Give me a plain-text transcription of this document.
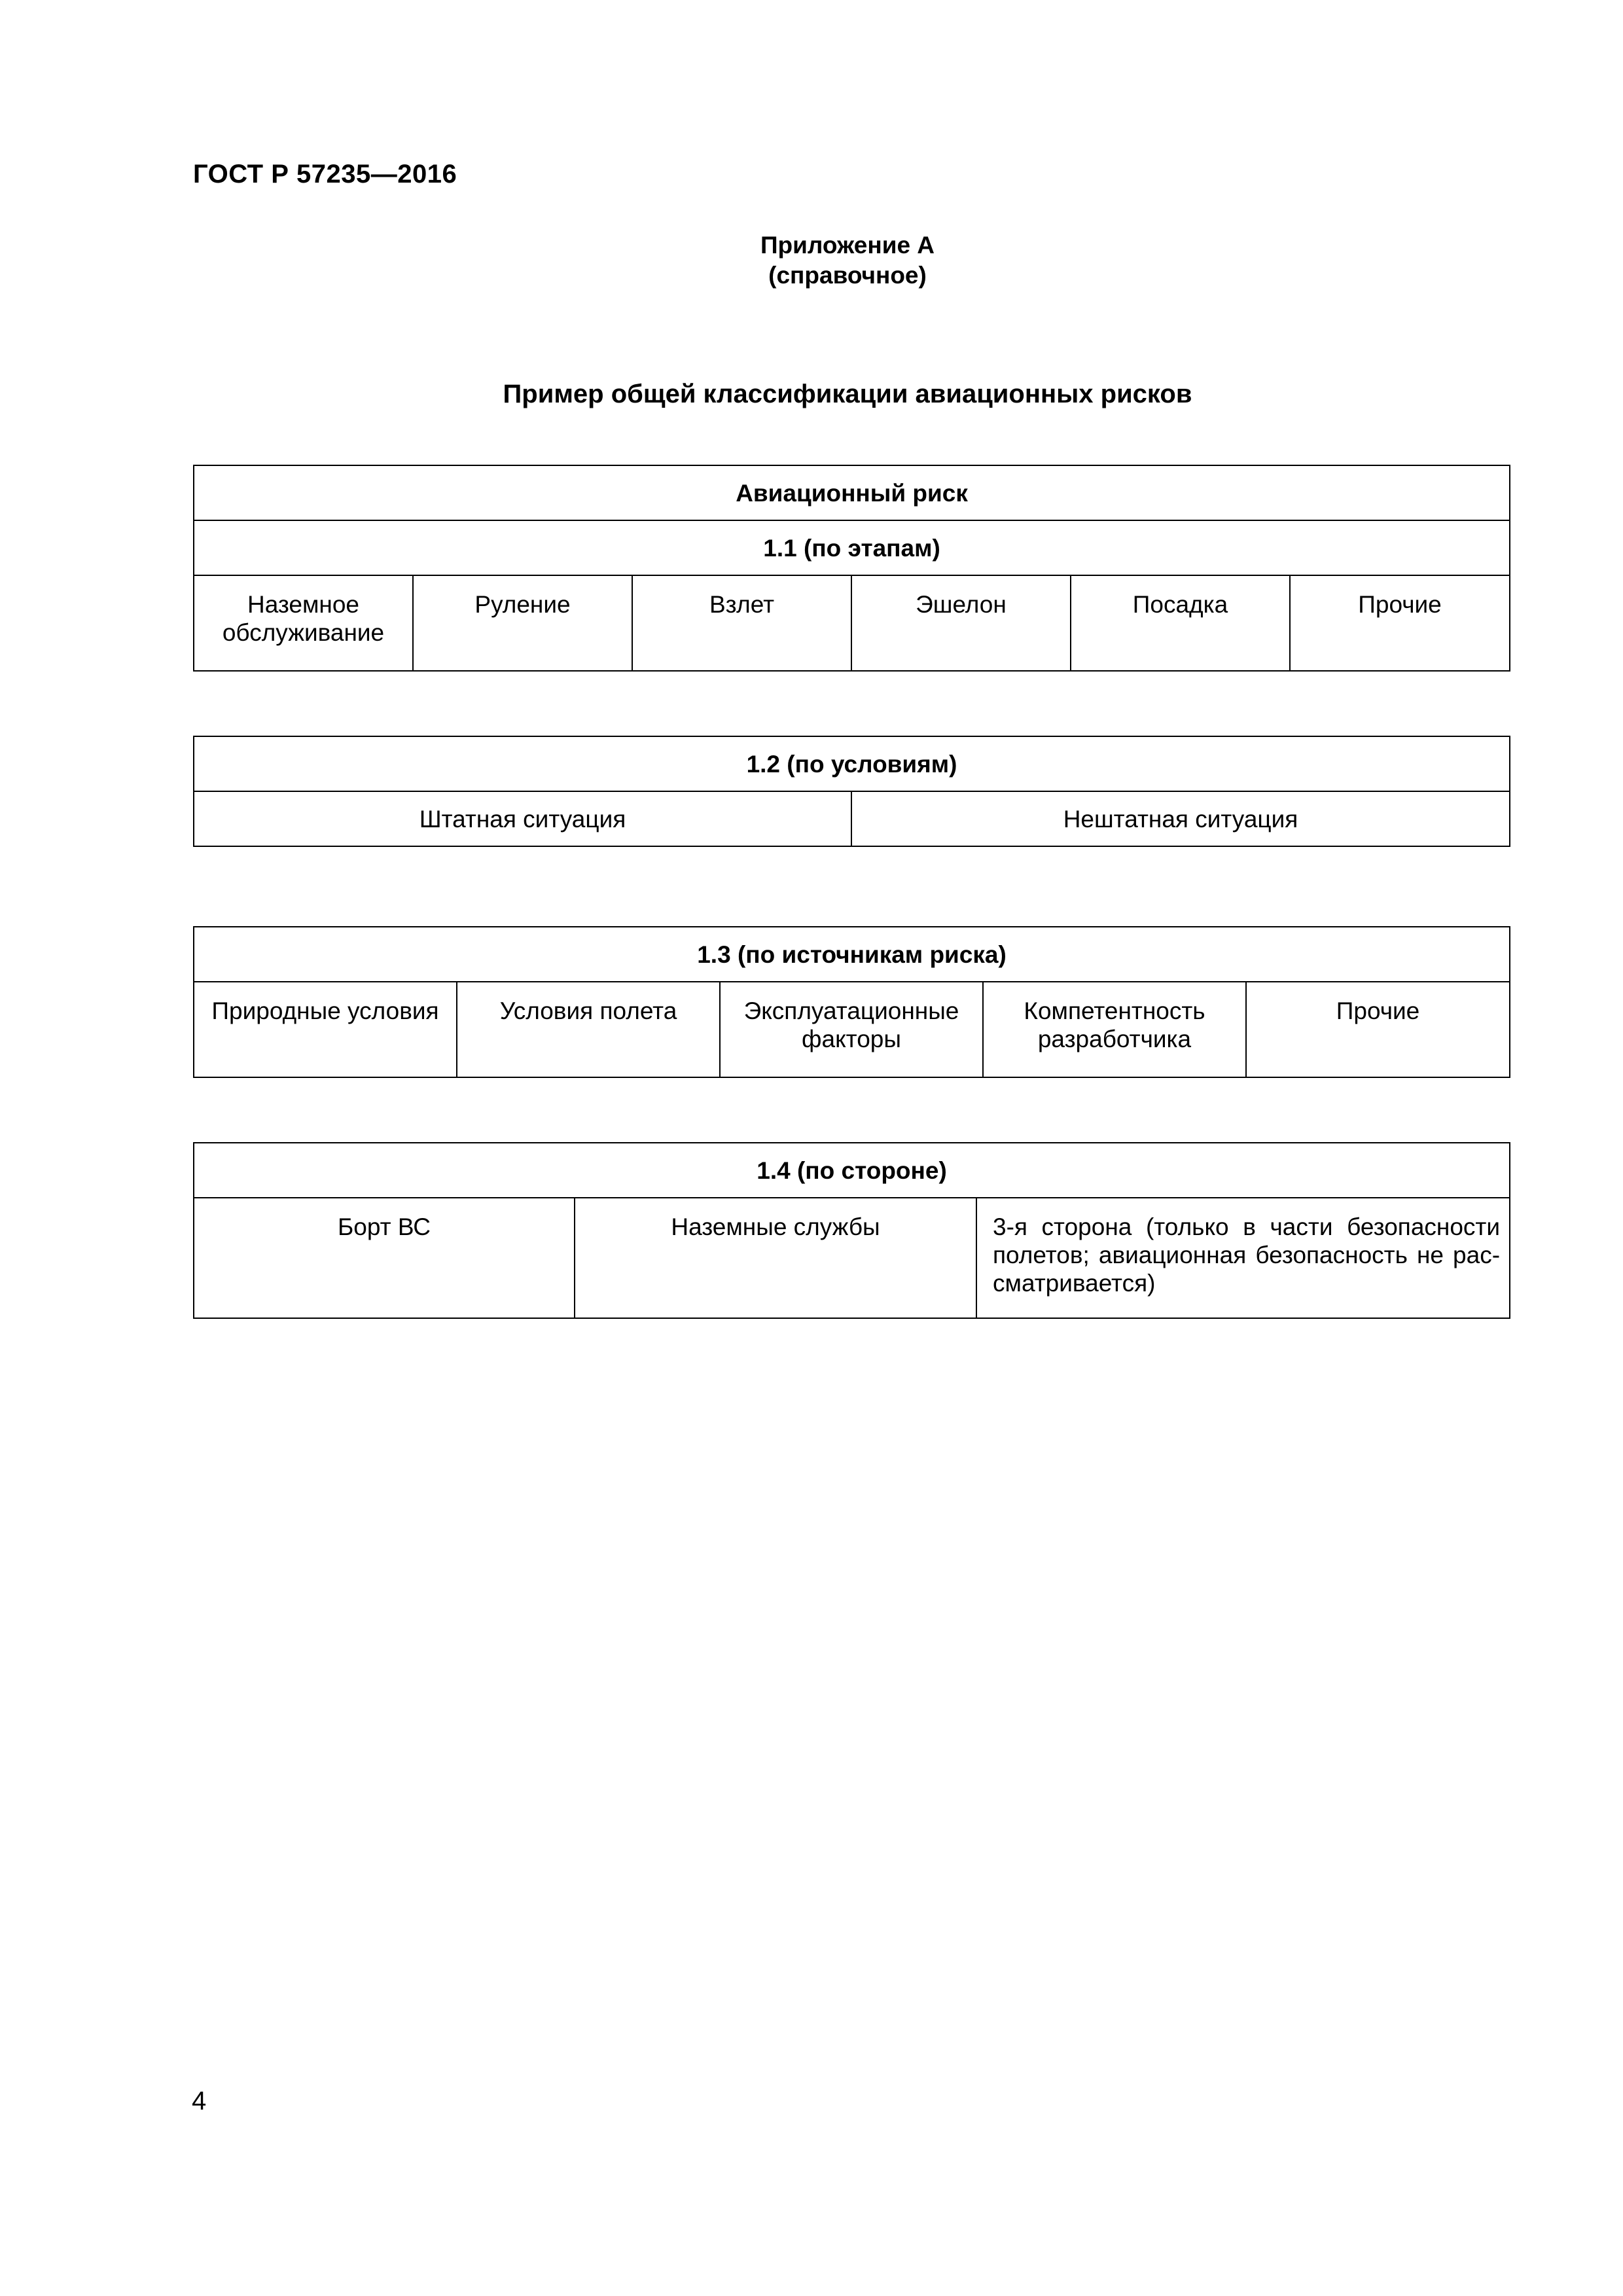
ГОСТ Р 57235—2016
Приложение А
(справочное)
Пример общей классификации авиационных рисков
Авиационный риск
1.1 (по этапам)
Наземное обслуживание	Руление	Взлет	Эшелон	Посадка	Прочие
1.2 (по условиям)
Штатная ситуация	Нештатная ситуация
1.3 (по источникам риска)
Природные условия	Условия полета	Эксплуатационные факторы	Компетентность разработчика	Прочие
1.4 (по стороне)
Борт ВС	Наземные службы	3-я сторона (только в части безопасности полетов; авиационная безопасность не рассматривается)
4
